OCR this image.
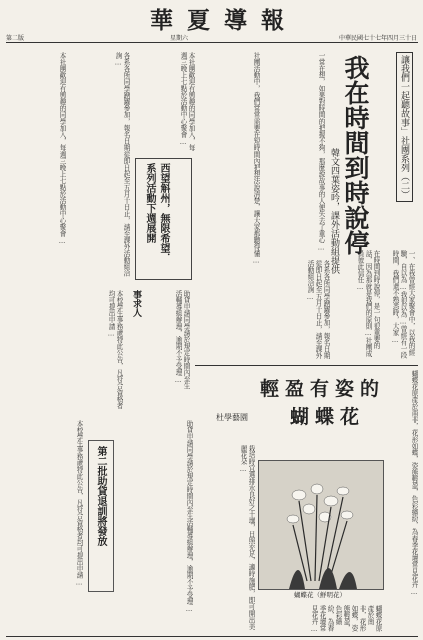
華夏導報
第二版	星期六	中華民國七十七年四月三十日
讓我們一起聽故事」社團系列（二）
我在時間到時說停
韓文四葉姿吟，課外活動組提供
一、在我曾經大家聚會中，以我的經驗，自以為…我很以為…曾經有一段時間，我們還不熟悉時，大家…
在時間到時說停，是一句很重要的話，因為那就是我們的原則…社團成員彼此信任…
一常在想，如果對時間的把握不夠，那麼說故事的人便失去了重心…
社團活動中，我們常常需要在短時間內把想法說清楚，讓大家都聽得懂…
各系各所同學踴躍參加，報名日期從即日起至五月十日止，請至課外活動組洽詢…
西望斛州，無限希望．
系列活動下週展開
本社團歡迎有興趣的同學加入，每週三晚上七點於活動中心聚會…
各系各所同學踴躍參加，報名日期從即日起至五月十日止，請至課外活動組洽詢…
本社團歡迎有興趣的同學加入，每週三晚上七點於活動中心聚會…
事求人	助貸申請同學請於規定時間內至生活輔導組辦理，逾期不予受理…
本校學生事務處特此公告，凡符合資格者均可提出申請…
輕盈有姿的
蝴蝶花
杜學藝園	蝴蝶花原產於南非，花形如蝶，姿態輕盈，色彩繽紛，為春季花壇常見花卉…
栽培時宜選排水良好之土壤，日照充足，適時施肥，即可開出美麗花朵…
蝴蝶花原產於南非，花形如蝶，姿態輕盈，色彩繽紛，為春季花壇常見花卉…
蝴蝶花（鮮明花）
第二批助貸退訓將發放	助貸申請同學請於規定時間內至生活輔導組辦理，逾期不予受理…
本校學生事務處特此公告，凡符合資格者均可提出申請…
